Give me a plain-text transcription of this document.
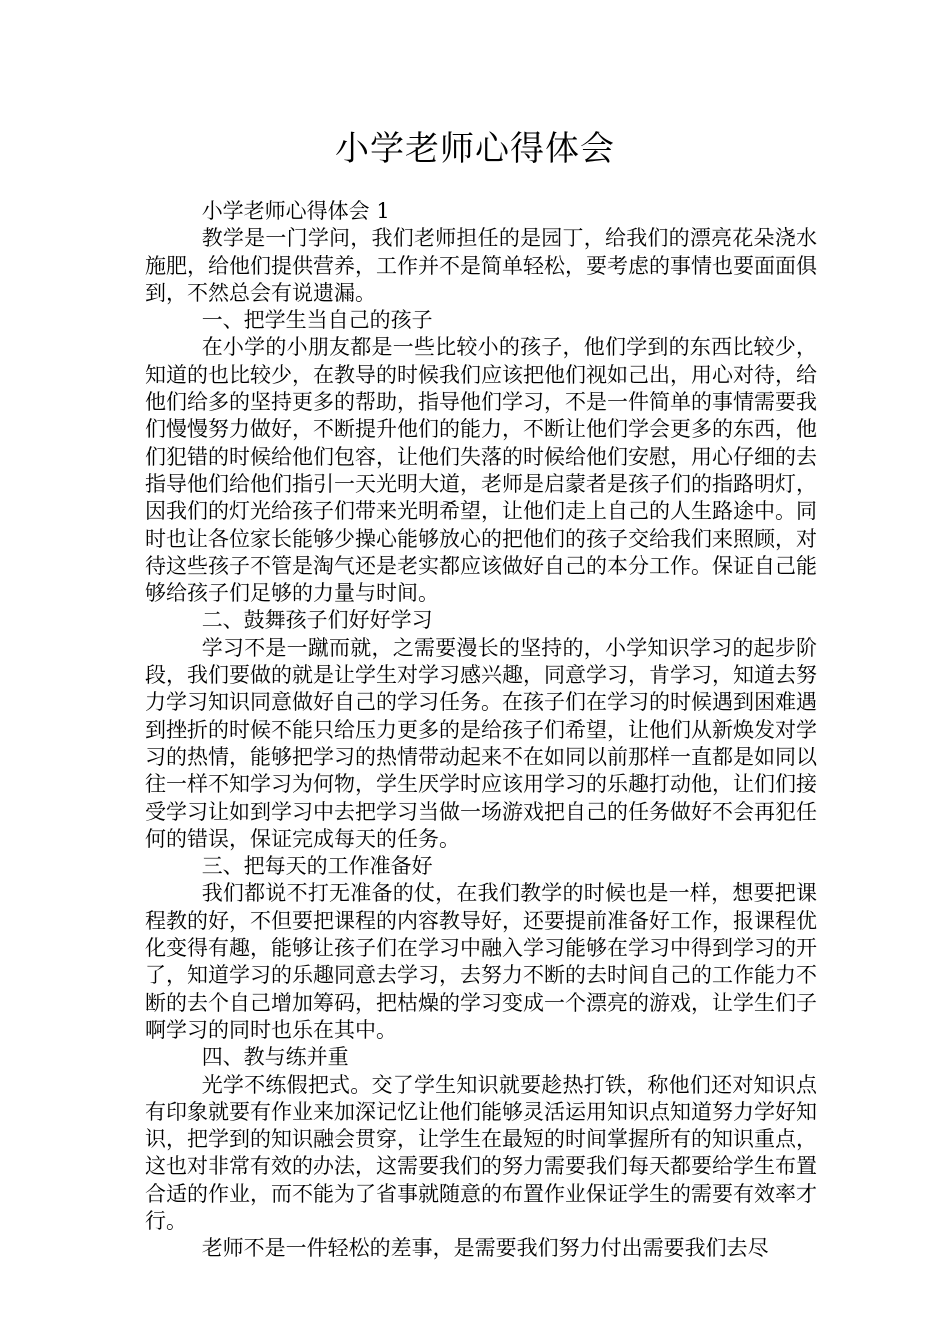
小学老师心得体会

小学老师心得体会 1

教学是一门学问，我们老师担任的是园丁，给我们的漂亮花朵浇水施肥，给他们提供营养，工作并不是简单轻松，要考虑的事情也要面面俱到，不然总会有说遗漏。

一、把学生当自己的孩子

在小学的小朋友都是一些比较小的孩子，他们学到的东西比较少，知道的也比较少，在教导的时候我们应该把他们视如己出，用心对待，给他们给多的坚持更多的帮助，指导他们学习，不是一件简单的事情需要我们慢慢努力做好，不断提升他们的能力，不断让他们学会更多的东西，他们犯错的时候给他们包容，让他们失落的时候给他们安慰，用心仔细的去指导他们给他们指引一天光明大道，老师是启蒙者是孩子们的指路明灯，因我们的灯光给孩子们带来光明希望，让他们走上自己的人生路途中。同时也让各位家长能够少操心能够放心的把他们的孩子交给我们来照顾，对待这些孩子不管是淘气还是老实都应该做好自己的本分工作。保证自己能够给孩子们足够的力量与时间。

二、鼓舞孩子们好好学习

学习不是一蹴而就，之需要漫长的坚持的，小学知识学习的起步阶段，我们要做的就是让学生对学习感兴趣，同意学习，肯学习，知道去努力学习知识同意做好自己的学习任务。在孩子们在学习的时候遇到困难遇到挫折的时候不能只给压力更多的是给孩子们希望，让他们从新焕发对学习的热情，能够把学习的热情带动起来不在如同以前那样一直都是如同以往一样不知学习为何物，学生厌学时应该用学习的乐趣打动他，让们们接受学习让如到学习中去把学习当做一场游戏把自己的任务做好不会再犯任何的错误，保证完成每天的任务。

三、把每天的工作准备好

我们都说不打无准备的仗，在我们教学的时候也是一样，想要把课程教的好，不但要把课程的内容教导好，还要提前准备好工作，报课程优化变得有趣，能够让孩子们在学习中融入学习能够在学习中得到学习的开了，知道学习的乐趣同意去学习，去努力不断的去时间自己的工作能力不断的去个自己增加筹码，把枯燥的学习变成一个漂亮的游戏，让学生们子啊学习的同时也乐在其中。

四、教与练并重

光学不练假把式。交了学生知识就要趁热打铁，称他们还对知识点有印象就要有作业来加深记忆让他们能够灵活运用知识点知道努力学好知识，把学到的知识融会贯穿，让学生在最短的时间掌握所有的知识重点，这也对非常有效的办法，这需要我们的努力需要我们每天都要给学生布置合适的作业，而不能为了省事就随意的布置作业保证学生的需要有效率才行。

老师不是一件轻松的差事，是需要我们努力付出需要我们去尽
